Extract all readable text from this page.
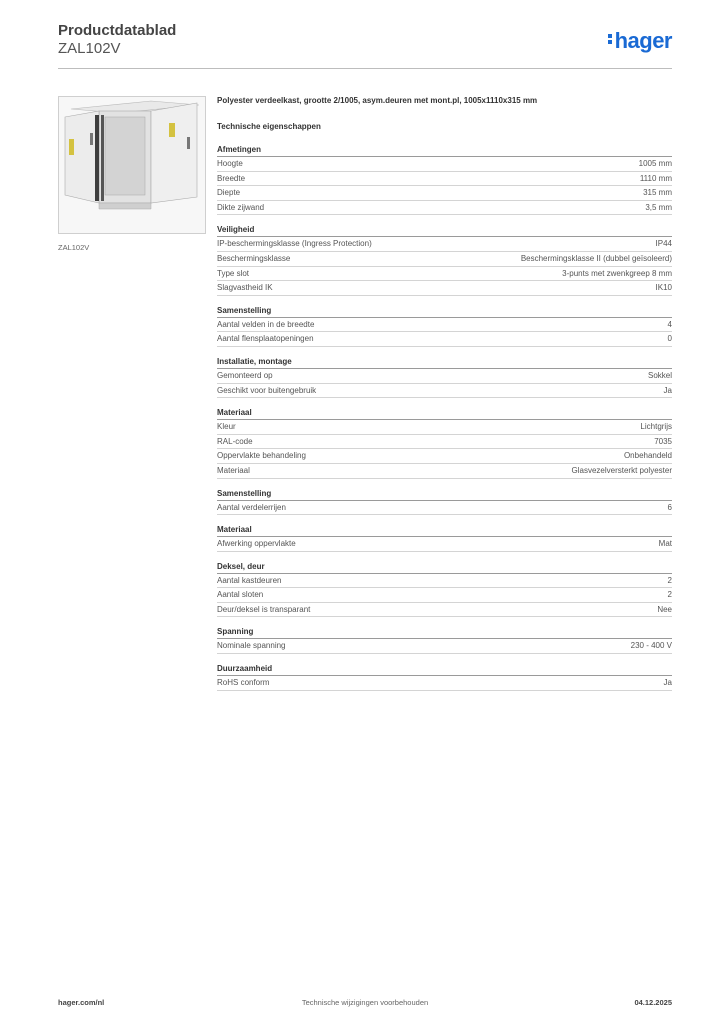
Productdatablad
ZAL102V	hager
ZAL102V
Polyester verdeelkast, grootte 2/1005, asym.deuren met mont.pl, 1005x1110x315 mm
Technische eigenschappen
Afmetingen
Hoogte	1005 mm
Breedte	1110 mm
Diepte	315 mm
Dikte zijwand	3,5 mm
Veiligheid
IP-beschermingsklasse (Ingress Protection)	IP44
Beschermingsklasse	Beschermingsklasse II (dubbel geïsoleerd)
Type slot	3-punts met zwenkgreep 8 mm
Slagvastheid IK	IK10
Samenstelling
Aantal velden in de breedte	4
Aantal flensplaatopeningen	0
Installatie, montage
Gemonteerd op	Sokkel
Geschikt voor buitengebruik	Ja
Materiaal
Kleur	Lichtgrijs
RAL-code	7035
Oppervlakte behandeling	Onbehandeld
Materiaal	Glasvezelversterkt polyester
Samenstelling
Aantal verdelerrijen	6
Materiaal
Afwerking oppervlakte	Mat
Deksel, deur
Aantal kastdeuren	2
Aantal sloten	2
Deur/deksel is transparant	Nee
Spanning
Nominale spanning	230 - 400 V
Duurzaamheid
RoHS conform	Ja
hager.com/nl	Technische wijzigingen voorbehouden	04.12.2025
